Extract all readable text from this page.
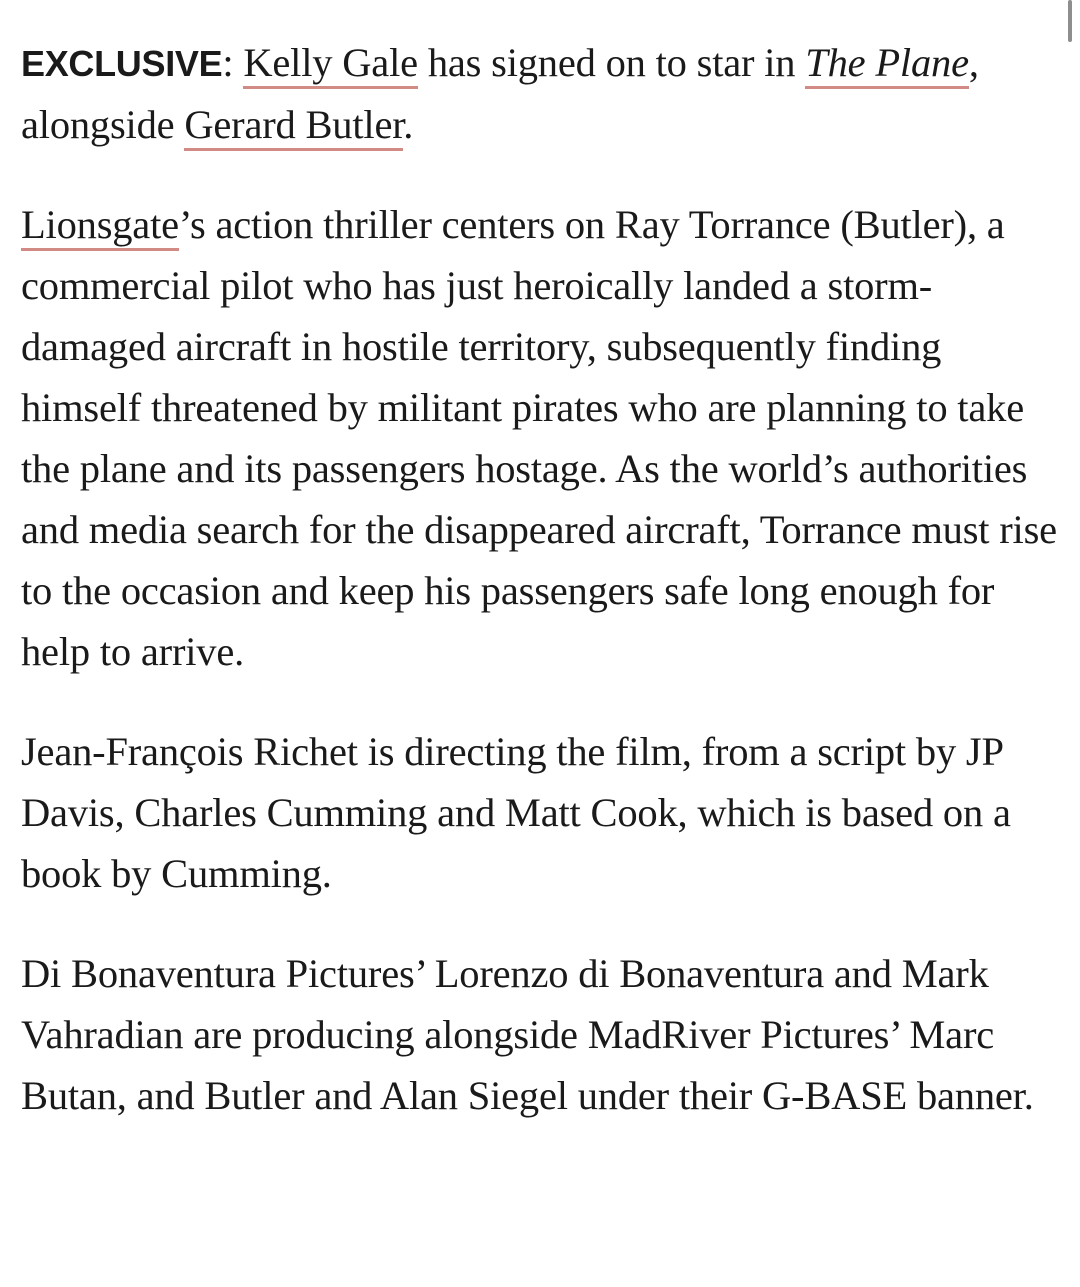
EXCLUSIVE: Kelly Gale has signed on to star in The Plane, alongside Gerard Butler.

Lionsgate’s action thriller centers on Ray Torrance (Butler), a commercial pilot who has just heroically landed a storm-damaged aircraft in hostile territory, subsequently finding himself threatened by militant pirates who are planning to take the plane and its passengers hostage. As the world’s authorities and media search for the disappeared aircraft, Torrance must rise to the occasion and keep his passengers safe long enough for help to arrive.

Jean-François Richet is directing the film, from a script by JP Davis, Charles Cumming and Matt Cook, which is based on a book by Cumming.

Di Bonaventura Pictures’ Lorenzo di Bonaventura and Mark Vahradian are producing alongside MadRiver Pictures’ Marc Butan, and Butler and Alan Siegel under their G-BASE banner.
